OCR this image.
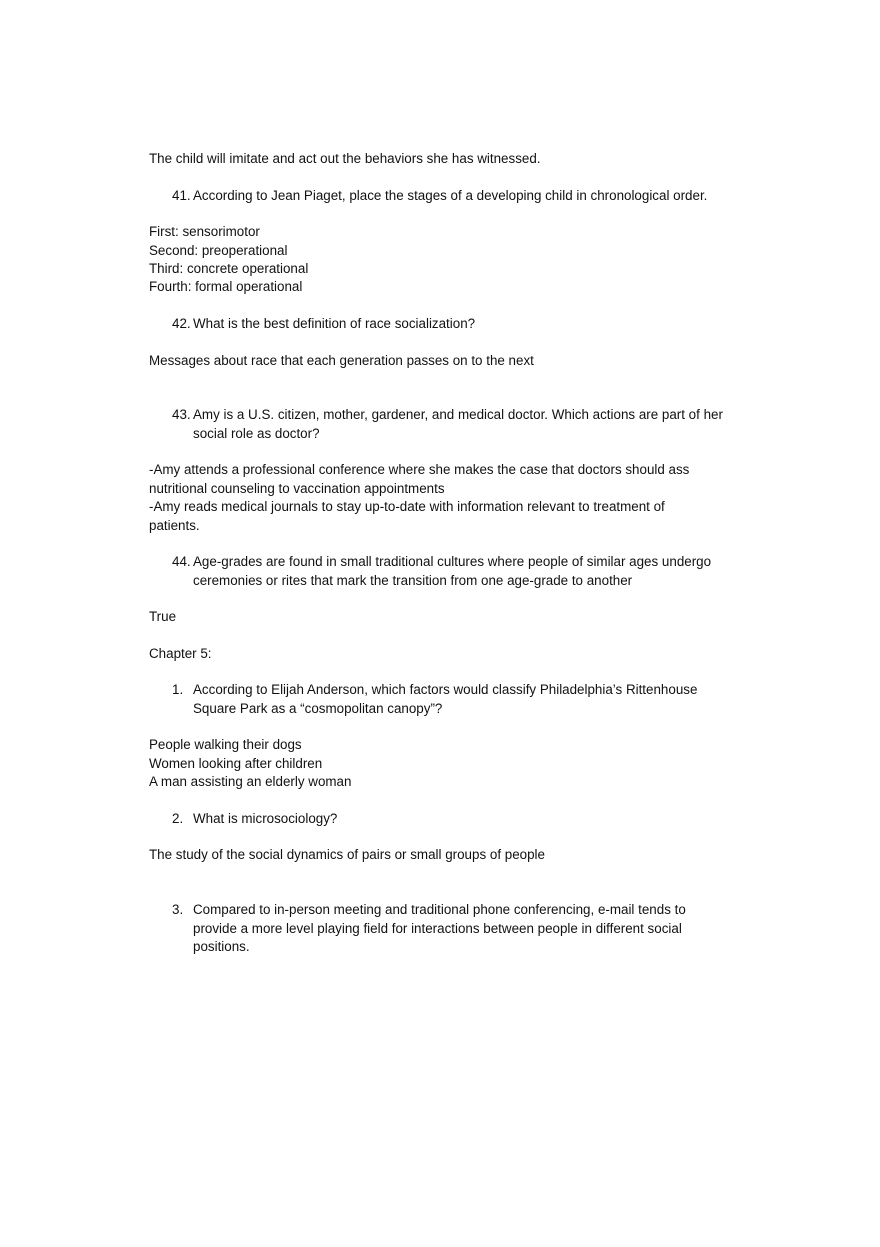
The child will imitate and act out the behaviors she has witnessed.

41. According to Jean Piaget, place the stages of a developing child in chronological order.

First: sensorimotor

Second: preoperational

Third: concrete operational

Fourth: formal operational

42. What is the best definition of race socialization?

Messages about race that each generation passes on to the next

43. Amy is a U.S. citizen, mother, gardener, and medical doctor. Which actions are part of her
social role as doctor?

-Amy attends a professional conference where she makes the case that doctors should ass

nutritional counseling to vaccination appointments

-Amy reads medical journals to stay up-to-date with information relevant to treatment of

patients.

44. Age-grades are found in small traditional cultures where people of similar ages undergo
ceremonies or rites that mark the transition from one age-grade to another

True

Chapter 5:

1. According to Elijah Anderson, which factors would classify Philadelphia’s Rittenhouse
Square Park as a “cosmopolitan canopy”?

People walking their dogs

Women looking after children

A man assisting an elderly woman

2. What is microsociology?

The study of the social dynamics of pairs or small groups of people

3. Compared to in-person meeting and traditional phone conferencing, e-mail tends to
provide a more level playing field for interactions between people in different social
positions.
